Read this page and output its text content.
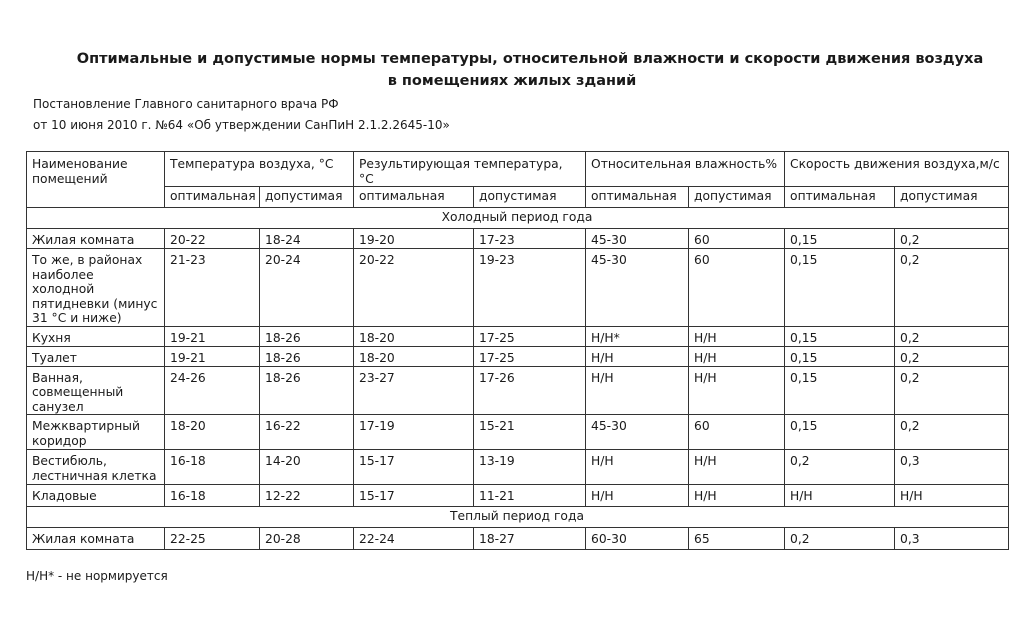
Оптимальные и допустимые нормы температуры, относительной влажности и скорости движения воздуха
в помещениях жилых зданий
Постановление Главного санитарного врача РФ
от 10 июня 2010 г. №64 «Об утверждении СанПиН 2.1.2.2645-10»
Наименование помещений	Температура воздуха, °С		Результирующая температура, °С		Относительная влажность%		Скорость движения воздуха,м/с	
	оптимальная	допустимая	оптимальная	допустимая	оптимальная	допустимая	оптимальная	допустимая
Холодный период года								
Жилая комната	20-22	18-24	19-20	17-23	45-30	60	0,15	0,2
То же, в районах наиболее холодной пятидневки (минус 31 °С и ниже)	21-23	20-24	20-22	19-23	45-30	60	0,15	0,2
Кухня	19-21	18-26	18-20	17-25	Н/Н*	Н/Н	0,15	0,2
Туалет	19-21	18-26	18-20	17-25	Н/Н	Н/Н	0,15	0,2
Ванная, совмещенный санузел	24-26	18-26	23-27	17-26	Н/Н	Н/Н	0,15	0,2
Межквартирный коридор	18-20	16-22	17-19	15-21	45-30	60	0,15	0,2
Вестибюль, лестничная клетка	16-18	14-20	15-17	13-19	Н/Н	Н/Н	0,2	0,3
Кладовые	16-18	12-22	15-17	11-21	Н/Н	Н/Н	Н/Н	Н/Н
Теплый период года								
Жилая комната	22-25	20-28	22-24	18-27	60-30	65	0,2	0,3
Н/Н* - не нормируется
